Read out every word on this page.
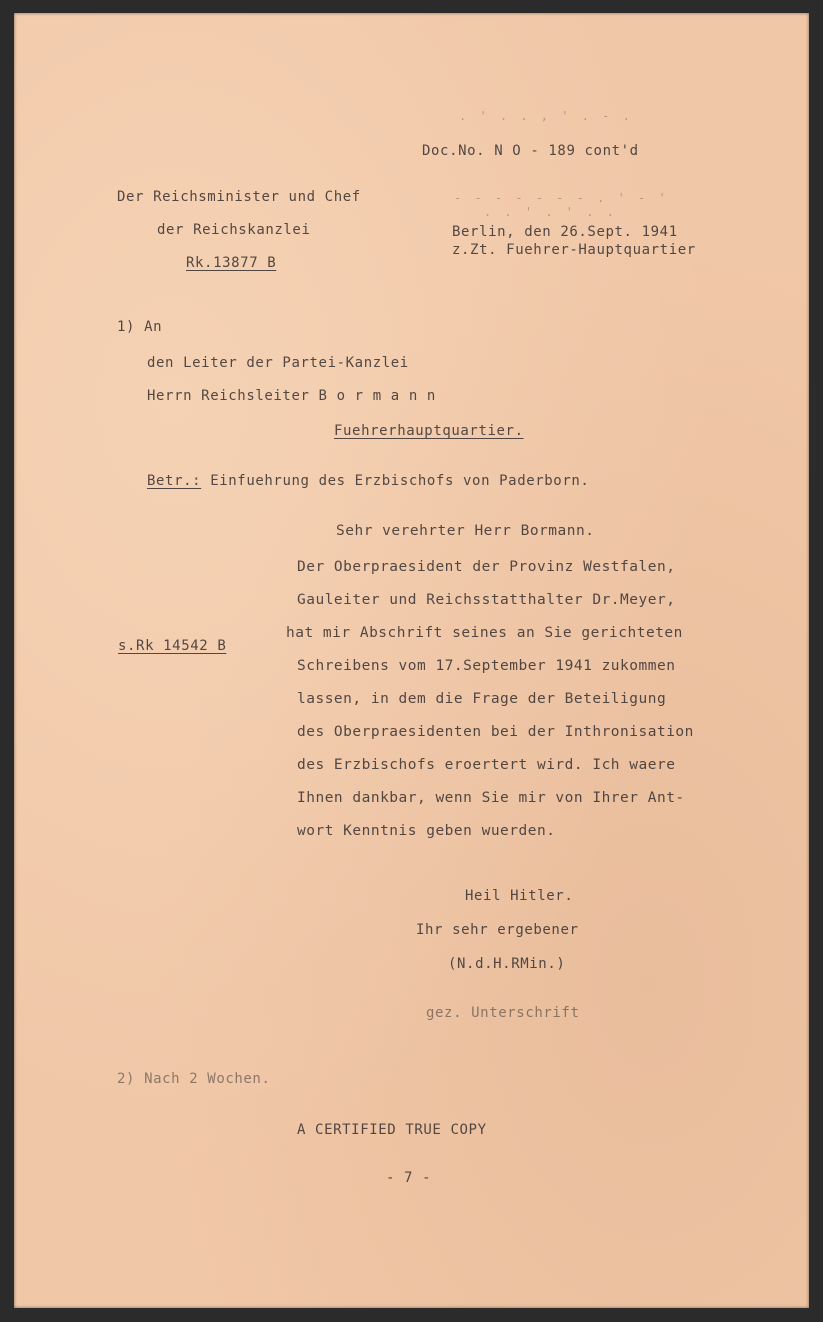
. ' . . , ' . - .
Doc.No. N O - 189 cont'd
Der Reichsminister und Chef
der Reichskanzlei
Rk.13877 B
- - - - - - - . ' - '
. . ' . ' . .
Berlin, den 26.Sept. 1941
z.Zt. Fuehrer-Hauptquartier
1) An
den Leiter der Partei-Kanzlei
Herrn Reichsleiter B o r m a n n
Fuehrerhauptquartier.
Betr.: Einfuehrung des Erzbischofs von Paderborn.
s.Rk 14542 B
Sehr verehrter Herr Bormann.
Der Oberpraesident der Provinz Westfalen,
Gauleiter und Reichsstatthalter Dr.Meyer,
hat mir Abschrift seines an Sie gerichteten
Schreibens vom 17.September 1941 zukommen
lassen, in dem die Frage der Beteiligung
des Oberpraesidenten bei der Inthronisation
des Erzbischofs eroertert wird. Ich waere
Ihnen dankbar, wenn Sie mir von Ihrer Ant-
wort Kenntnis geben wuerden.
Heil Hitler.
Ihr sehr ergebener
(N.d.H.RMin.)
gez. Unterschrift
2) Nach 2 Wochen.
A CERTIFIED TRUE COPY
- 7 -
